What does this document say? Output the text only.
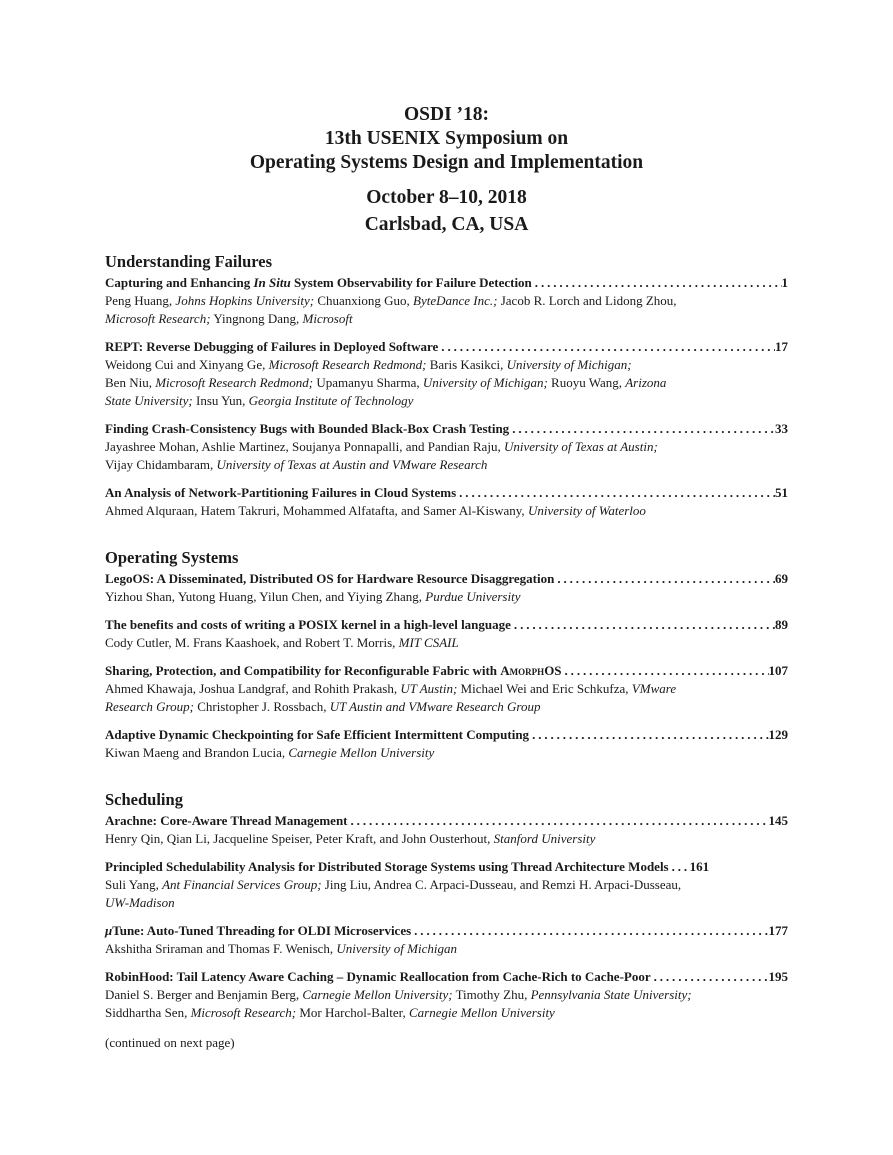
OSDI ’18:
13th USENIX Symposium on
Operating Systems Design and Implementation
October 8–10, 2018
Carlsbad, CA, USA
Understanding Failures
Capturing and Enhancing In Situ System Observability for Failure Detection .....	1
Peng Huang, Johns Hopkins University; Chuanxiong Guo, ByteDance Inc.; Jacob R. Lorch and Lidong Zhou,
Microsoft Research; Yingnong Dang, Microsoft
REPT: Reverse Debugging of Failures in Deployed Software .....	17
Weidong Cui and Xinyang Ge, Microsoft Research Redmond; Baris Kasikci, University of Michigan;
Ben Niu, Microsoft Research Redmond; Upamanyu Sharma, University of Michigan; Ruoyu Wang, Arizona
State University; Insu Yun, Georgia Institute of Technology
Finding Crash-Consistency Bugs with Bounded Black-Box Crash Testing .....	33
Jayashree Mohan, Ashlie Martinez, Soujanya Ponnapalli, and Pandian Raju, University of Texas at Austin;
Vijay Chidambaram, University of Texas at Austin and VMware Research
An Analysis of Network-Partitioning Failures in Cloud Systems .....	51
Ahmed Alquraan, Hatem Takruri, Mohammed Alfatafta, and Samer Al-Kiswany, University of Waterloo
Operating Systems
LegoOS: A Disseminated, Distributed OS for Hardware Resource Disaggregation .....	69
Yizhou Shan, Yutong Huang, Yilun Chen, and Yiying Zhang, Purdue University
The benefits and costs of writing a POSIX kernel in a high-level language .....	89
Cody Cutler, M. Frans Kaashoek, and Robert T. Morris, MIT CSAIL
Sharing, Protection, and Compatibility for Reconfigurable Fabric with AmorphOS .....	107
Ahmed Khawaja, Joshua Landgraf, and Rohith Prakash, UT Austin; Michael Wei and Eric Schkufza, VMware
Research Group; Christopher J. Rossbach, UT Austin and VMware Research Group
Adaptive Dynamic Checkpointing for Safe Efficient Intermittent Computing .....	129
Kiwan Maeng and Brandon Lucia, Carnegie Mellon University
Scheduling
Arachne: Core-Aware Thread Management .....	145
Henry Qin, Qian Li, Jacqueline Speiser, Peter Kraft, and John Ousterhout, Stanford University
Principled Schedulability Analysis for Distributed Storage Systems using Thread Architecture Models ..... 161
Suli Yang, Ant Financial Services Group; Jing Liu, Andrea C. Arpaci-Dusseau, and Remzi H. Arpaci-Dusseau,
UW-Madison
μTune: Auto-Tuned Threading for OLDI Microservices .....	177
Akshitha Sriraman and Thomas F. Wenisch, University of Michigan
RobinHood: Tail Latency Aware Caching – Dynamic Reallocation from Cache-Rich to Cache-Poor .....	195
Daniel S. Berger and Benjamin Berg, Carnegie Mellon University; Timothy Zhu, Pennsylvania State University;
Siddhartha Sen, Microsoft Research; Mor Harchol-Balter, Carnegie Mellon University
(continued on next page)
